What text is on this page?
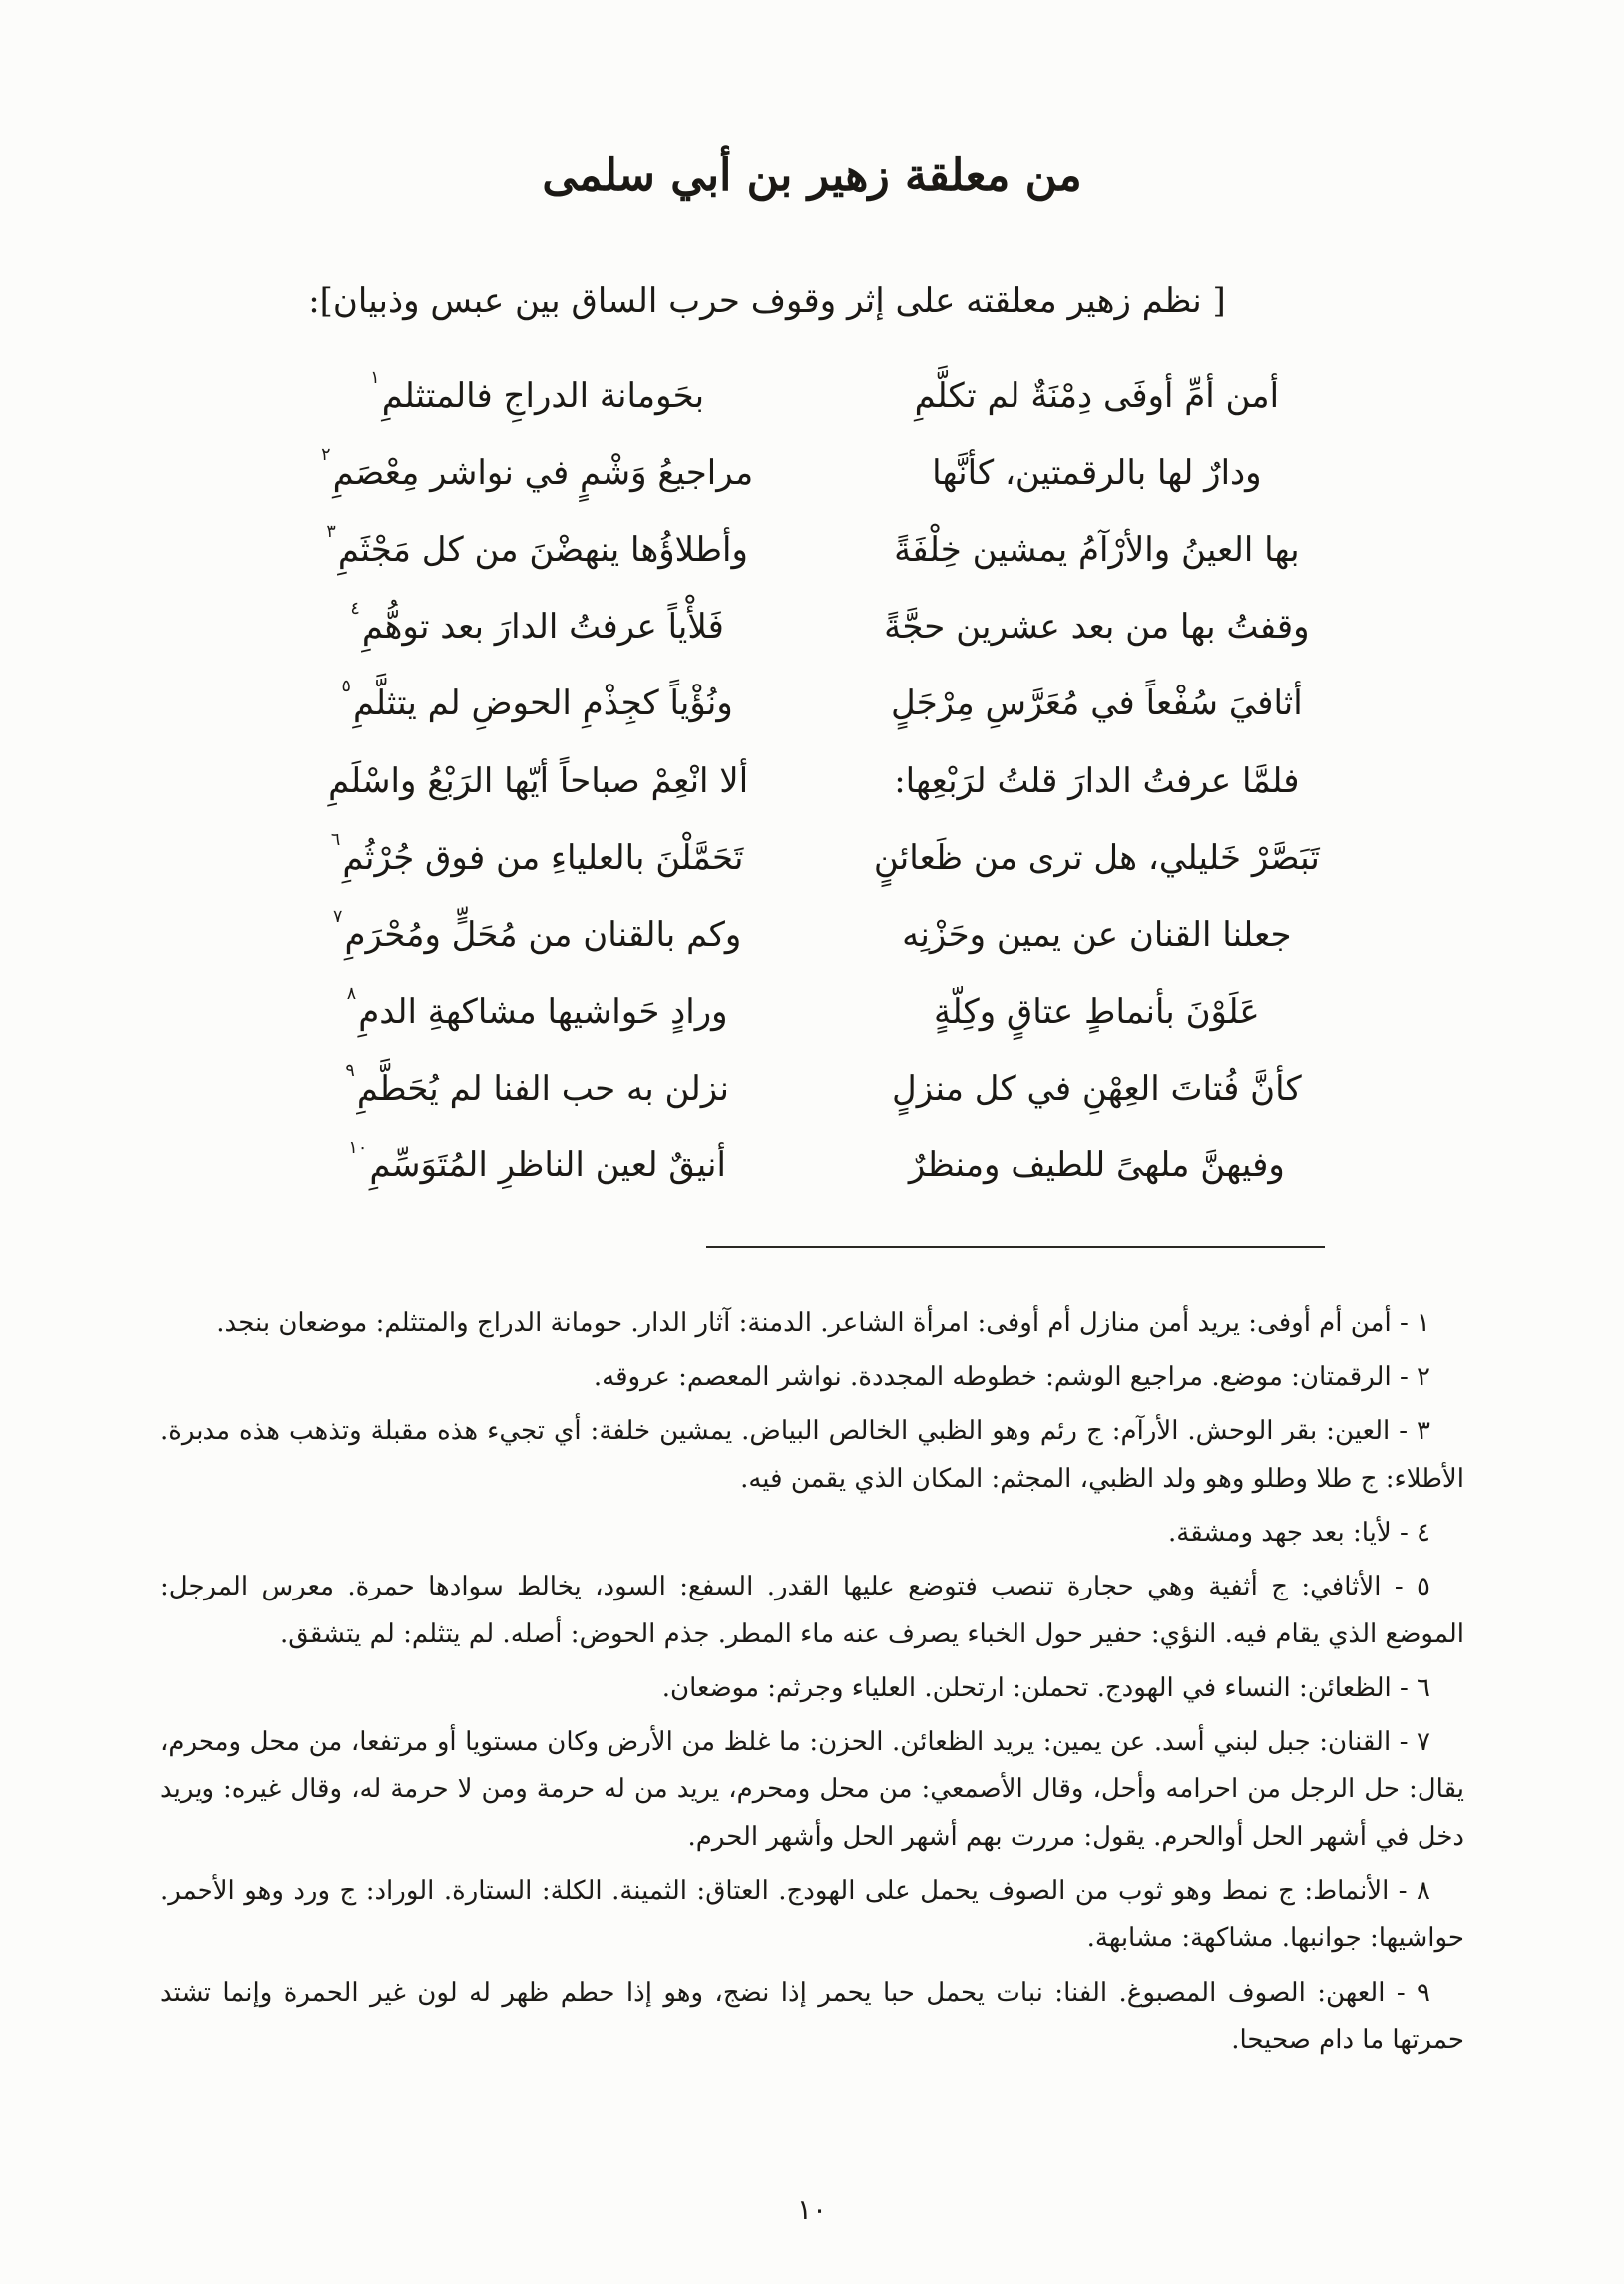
من معلقة زهير بن أبي سلمى

[ نظم زهير معلقته على إثر وقوف حرب الساق بين عبس وذبيان]:

أمن أمِّ أوفَى دِمْنَةٌ لم تكلَّمِ
بحَومانة الدراجِ فالمتثلمِ$^١$
ودارٌ لها بالرقمتين، كأنَّها
مراجيعُ وَشْمٍ في نواشر مِعْصَمِ$^٢$
بها العينُ والأرْآمُ يمشين خِلْفَةً
وأطلاؤُها ينهضْنَ من كل مَجْثَمِ$^٣$
وقفتُ بها من بعد عشرين حجَّةً
فَلأْياً عرفتُ الدارَ بعد توهُّمِ$^٤$
أثافيَ سُفْعاً في مُعَرَّسِ مِرْجَلٍ
ونُؤْياً كجِذْمِ الحوضِ لم يتثلَّمِ$^٥$
فلمَّا عرفتُ الدارَ قلتُ لرَبْعِها:
ألا انْعِمْ صباحاً أيّها الرَبْعُ واسْلَمِ
تَبَصَّرْ خَليلي، هل ترى من ظَعائنٍ
تَحَمَّلْنَ بالعلياءِ من فوق جُرْثُمِ$^٦$
جعلنا القنان عن يمين وحَزْنِه
وكم بالقنان من مُحَلٍّ ومُحْرَمِ$^٧$
عَلَوْنَ بأنماطٍ عتاقٍ وكِلّةٍ
ورادٍ حَواشيها مشاكهةِ الدمِ$^٨$
كأنَّ فُتاتَ العِهْنِ في كل منزلٍ
نزلن به حب الفنا لم يُحَطَّمِ$^٩$
وفيهنَّ ملهىً للطيف ومنظرٌ
أنيقٌ لعين الناظرِ المُتَوَسِّمِ$^{١٠}$

١ - أمن أم أوفى: يريد أمن منازل أم أوفى: امرأة الشاعر. الدمنة: آثار الدار. حومانة الدراج والمتثلم: موضعان بنجد.

٢ - الرقمتان: موضع. مراجيع الوشم: خطوطه المجددة. نواشر المعصم: عروقه.

٣ - العين: بقر الوحش. الأرآم: ج رئم وهو الظبي الخالص البياض. يمشين خلفة: أي تجيء هذه مقبلة وتذهب هذه مدبرة. الأطلاء: ج طلا وطلو وهو ولد الظبي، المجثم: المكان الذي يقمن فيه.

٤ - لأيا: بعد جهد ومشقة.

٥ - الأثافي: ج أثفية وهي حجارة تنصب فتوضع عليها القدر. السفع: السود، يخالط سوادها حمرة. معرس المرجل: الموضع الذي يقام فيه. النؤي: حفير حول الخباء يصرف عنه ماء المطر. جذم الحوض: أصله. لم يتثلم: لم يتشقق.

٦ - الظعائن: النساء في الهودج. تحملن: ارتحلن. العلياء وجرثم: موضعان.

٧ - القنان: جبل لبني أسد. عن يمين: يريد الظعائن. الحزن: ما غلظ من الأرض وكان مستويا أو مرتفعا، من محل ومحرم، يقال: حل الرجل من احرامه وأحل، وقال الأصمعي: من محل ومحرم، يريد من له حرمة ومن لا حرمة له، وقال غيره: ويريد دخل في أشهر الحل أوالحرم. يقول: مررت بهم أشهر الحل وأشهر الحرم.

٨ - الأنماط: ج نمط وهو ثوب من الصوف يحمل على الهودج. العتاق: الثمينة. الكلة: الستارة. الوراد: ج ورد وهو الأحمر. حواشيها: جوانبها. مشاكهة: مشابهة.

٩ - العهن: الصوف المصبوغ. الفنا: نبات يحمل حبا يحمر إذا نضج، وهو إذا حطم ظهر له لون غير الحمرة وإنما تشتد حمرتها ما دام صحيحا.

١٠
